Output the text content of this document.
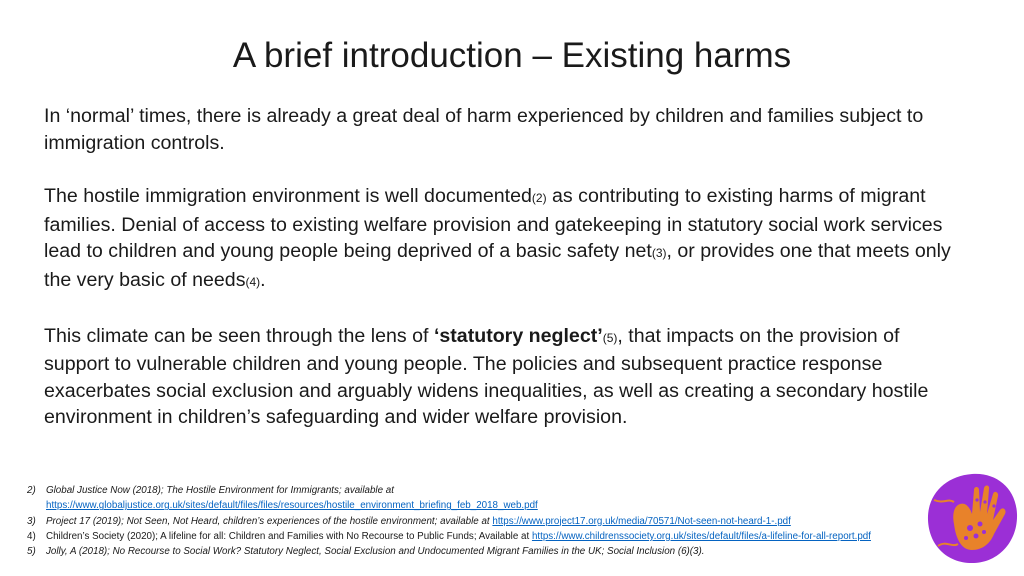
A brief introduction – Existing harms

In ‘normal’ times, there is already a great deal of harm experienced by children and families subject to immigration controls.

The hostile immigration environment is well documented(2) as contributing to existing harms of migrant families. Denial of access to existing welfare provision and gatekeeping in statutory social work services lead to children and young people being deprived of a basic safety net(3), or provides one that meets only the very basic of needs(4).

This climate can be seen through the lens of ‘statutory neglect’(5), that impacts on the provision of support to vulnerable children and young people. The policies and subsequent practice response exacerbates social exclusion and arguably widens inequalities, as well as creating a secondary hostile environment in children’s safeguarding and wider welfare provision.

2)	Global Justice Now (2018); The Hostile Environment for Immigrants; available at
https://www.globaljustice.org.uk/sites/default/files/files/resources/hostile_environment_briefing_feb_2018_web.pdf
3)	Project 17 (2019); Not Seen, Not Heard, children’s experiences of the hostile environment; available at https://www.project17.org.uk/media/70571/Not-seen-not-heard-1-.pdf
4)	Children’s Society (2020); A lifeline for all: Children and Families with No Recourse to Public Funds; Available at https://www.childrenssociety.org.uk/sites/default/files/a-lifeline-for-all-report.pdf
5)	Jolly, A (2018); No Recourse to Social Work? Statutory Neglect, Social Exclusion and Undocumented Migrant Families in the UK; Social Inclusion (6)(3).
